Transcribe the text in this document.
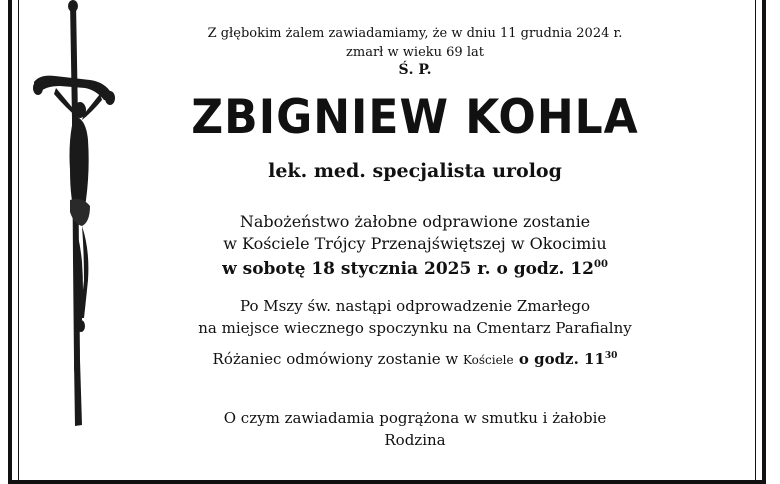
Z głębokim żalem zawiadamiamy, że w dniu 11 grudnia 2024 r.
zmarł w wieku 69 lat
Ś. P.
ZBIGNIEW KOHLA
lek. med. specjalista urolog
Nabożeństwo żałobne odprawione zostanie
w Kościele Trójcy Przenajświętszej w Okocimiu
w sobotę 18 stycznia 2025 r. o godz. $12^{00}$
Po Mszy św. nastąpi odprowadzenie Zmarłego
na miejsce wiecznego spoczynku na Cmentarz Parafialny
Różaniec odmówiony zostanie w Kościele o godz. $11^{30}$
O czym zawiadamia pogrążona w smutku i żałobie
Rodzina
